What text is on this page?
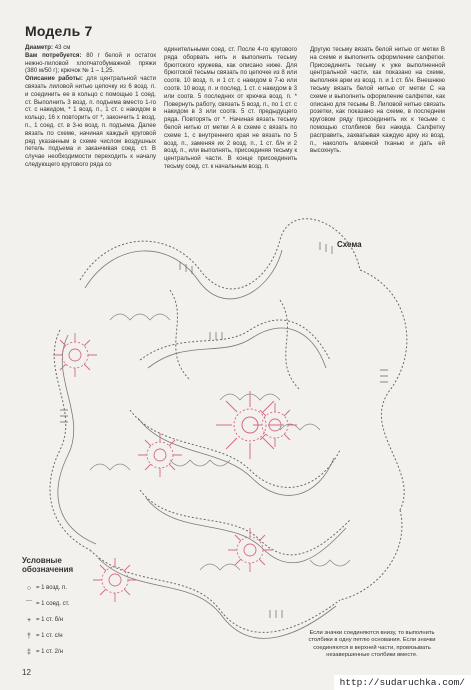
Модель 7

Диаметр: 43 см

Вам потребуется: 80 г белой и остаток нежно-лиловой хлопчатобумажной пряжи (380 м/50 г); крючок № 1 – 1,25.

Описание работы: для центральной части связать лиловой нитью цепочку из 6 возд. п. и соединить ее в кольцо с помощью 1 соед. ст. Выполнить 3 возд. п. подъема вместо 1-го ст. с накидом, * 1 возд. п., 1 ст. с накидом в кольцо, 16 х повторить от *, закончить 1 возд. п., 1 соед. ст. в 3-ю возд. п. подъема. Далее вязать по схеме, начиная каждый круговой ряд указанным в схеме числом воздушных петель подъема и заканчивая соед. ст. В случае необходимости переходить к началу следующего кругового ряда со

единительными соед. ст. После 4-го кругового ряда оборвать нить и выполнить тесьму брюггского кружева, как описано ниже. Для брюггской тесьмы связать по цепочке из 8 или соотв. 10 возд. п. и 1 ст. с накидом в 7-ю или соотв. 10 возд. п. и послед. 1 ст. с накидом в 3 или соотв. 5 последних от крючка возд. п. * Повернуть работу, связать 5 возд. п., по 1 ст. с накидом в 3 или соотв. 5 ст. предыдущего ряда. Повторять от *. Начиная вязать тесьму белой нитью от метки A в схеме с вязать по схеме 1, с внутреннего края не вязать по 5 возд. п., заменяя их 2 возд. п., 1 ст. б/н и 2 возд. п., или выполнять, присоединяя тесьму к центральной части. В конце присоединить тесьму соед. ст. к начальным возд. п.

Другую тесьму вязать белой нитью от метки В на схеме и выполнить оформление салфетки. Присоединить тесьму к уже выполненной центральной части, как показано на схеме, выполняя арки из возд. п. и 1 ст. б/н. Внешнюю тесьму вязать белой нитью от метки С на схеме и выполнить оформление салфетки, как описано для тесьмы В. Лиловой нитью связать розетки, как показано на схеме, в последнем круговом ряду присоединить их к тесьме с помощью столбиков без накида. Салфетку расправить, захватывая каждую арку из возд. п., наколоть влажной тканью и дать ей высохнуть.

Схема
Условные
обозначения
○ = 1 возд. п.
⌒ = 1 соед. ст.
+ = 1 ст. б/н
† = 1 ст. с/н
‡ = 1 ст. 2/н
Если значки соединяются внизу, то выполнить столбики в одну петлю основания. Если значки соединяются в верхней части, провязывать незавершенные столбики вместе.
12
http://sudaruchka.com/
